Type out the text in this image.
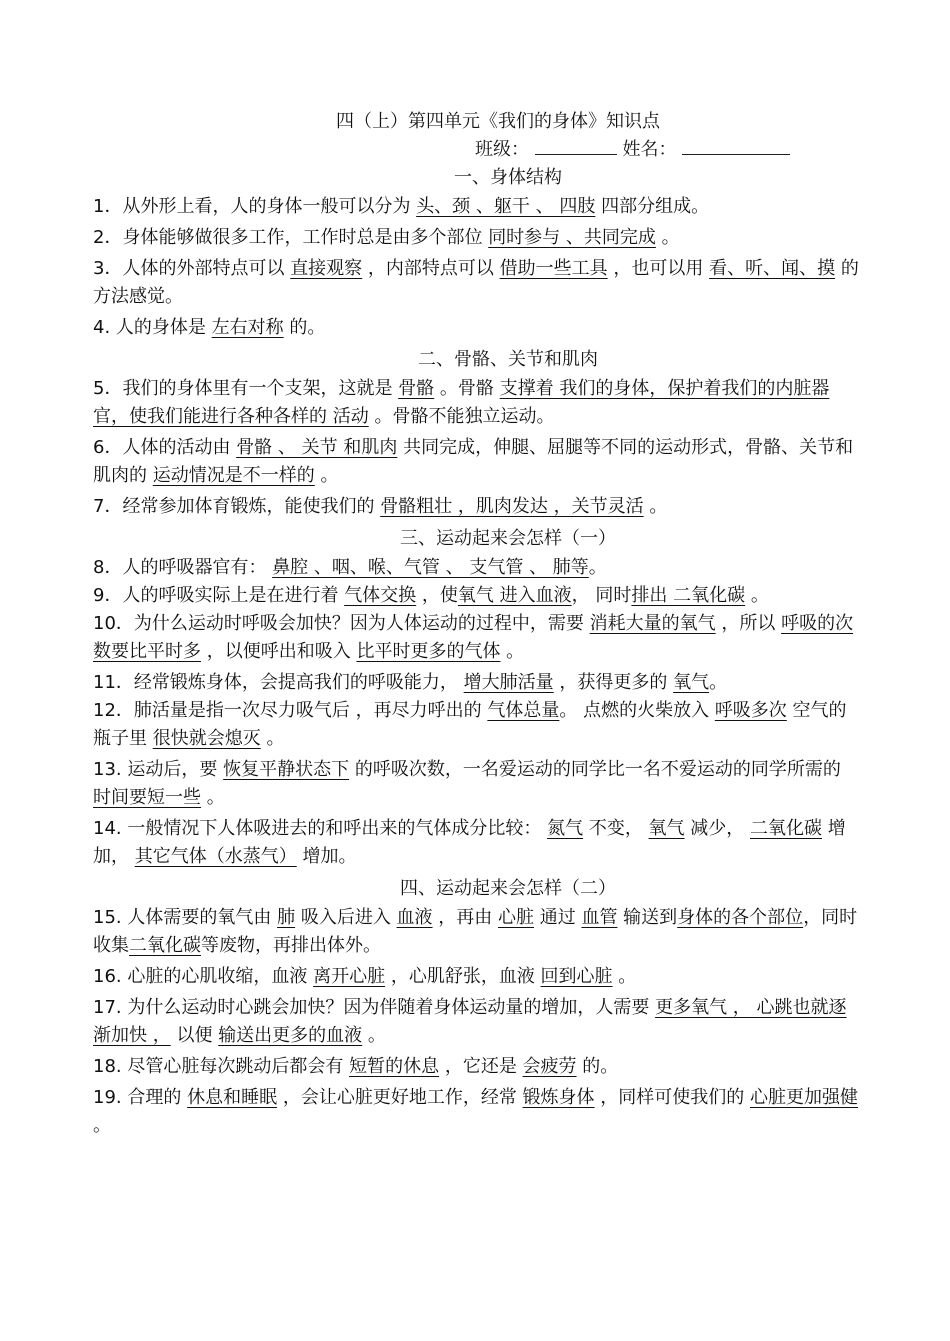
四（上）第四单元《我们的身体》知识点
班级：	姓名：
一、身体结构
1．从外形上看，人的身体一般可以分为 头、颈 、躯干 、 四肢 四部分组成。
2．身体能够做很多工作，工作时总是由多个部位 同时参与 、共同完成 。
3．人体的外部特点可以 直接观察 ，内部特点可以 借助一些工具 ，也可以用 看、听、闻、摸 的方法感觉。
4. 人的身体是 左右对称 的。
二、骨骼、关节和肌肉
5．我们的身体里有一个支架，这就是 骨骼 。骨骼 支撑着 我们的身体，保护着我们的内脏器官，使我们能进行各种各样的 活动 。骨骼不能独立运动。
6．人体的活动由 骨骼 、 关节 和肌肉 共同完成，伸腿、屈腿等不同的运动形式，骨骼、关节和肌肉的 运动情况是不一样的 。
7．经常参加体育锻炼，能使我们的 骨骼粗壮 ，肌肉发达 ，关节灵活 。
三、运动起来会怎样（一）
8．人的呼吸器官有： 鼻腔 、咽、喉、气管 、 支气管 、 肺等。
9．人的呼吸实际上是在进行着 气体交换 ，使氧气 进入血液， 同时排出 二氧化碳 。
10．为什么运动时呼吸会加快？因为人体运动的过程中，需要 消耗大量的氧气 ，所以 呼吸的次数要比平时多 ，以便呼出和吸入 比平时更多的气体 。
11．经常锻炼身体，会提高我们的呼吸能力， 增大肺活量 ，获得更多的 氧气。
12．肺活量是指一次尽力吸气后 ，再尽力呼出的 气体总量。 点燃的火柴放入 呼吸多次 空气的瓶子里 很快就会熄灭 。
13. 运动后，要 恢复平静状态下 的呼吸次数，一名爱运动的同学比一名不爱运动的同学所需的 时间要短一些 。
14. 一般情况下人体吸进去的和呼出来的气体成分比较： 氮气 不变， 氧气 减少， 二氧化碳 增加， 其它气体（水蒸气） 增加。
四、运动起来会怎样（二）
15. 人体需要的氧气由 肺 吸入后进入 血液 ，再由 心脏 通过 血管 输送到身体的各个部位，同时收集二氧化碳等废物，再排出体外。
16. 心脏的心肌收缩，血液 离开心脏 ，心肌舒张，血液 回到心脏 。
17. 为什么运动时心跳会加快？因为伴随着身体运动量的增加，人需要 更多氧气 ， 心跳也就逐渐加快 ， 以便 输送出更多的血液 。
18. 尽管心脏每次跳动后都会有 短暂的休息 ，它还是 会疲劳 的。
19. 合理的 休息和睡眠 ，会让心脏更好地工作，经常 锻炼身体 ，同样可使我们的 心脏更加强健 。
